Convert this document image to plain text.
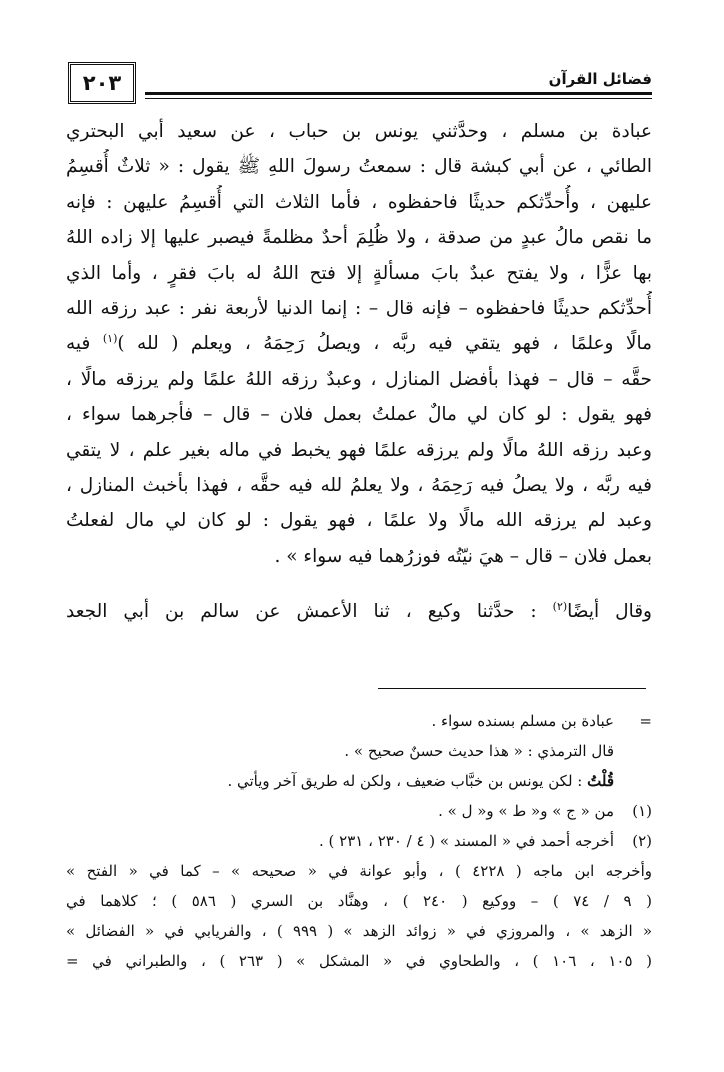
٢٠٣	فضائل القرآن
عبادة بن مسلم ، وحدَّثني يونس بن حباب ، عن سعيد أبي البحتري
الطائي ، عن أبي كبشة قال : سمعتُ رسولَ اللهِ ﷺ يقول : « ثلاثٌ أُقسِمُ
عليهن ، وأُحدِّثكم حديثًا فاحفظوه ، فأما الثلاث التي أُقسِمُ عليهن : فإنه
ما نقص مالُ عبدٍ من صدقة ، ولا ظُلِمَ أحدٌ مظلمةً فيصبر عليها إلا زاده اللهُ
بها عزًّا ، ولا يفتح عبدٌ بابَ مسألةٍ إلا فتح اللهُ له بابَ فقرٍ ، وأما الذي
أُحدِّثكم حديثًا فاحفظوه – فإنه قال – : إنما الدنيا لأربعة نفر : عبد رزقه الله
مالًا وعلمًا ، فهو يتقي فيه ربَّه ، ويصلُ رَحِمَهُ ، ويعلم ( لله )$^{(١)}$ فيه
حقَّه – قال – فهذا بأفضل المنازل ، وعبدٌ رزقه اللهُ علمًا ولم يرزقه مالًا ،
فهو يقول : لو كان لي مالٌ عملتُ بعمل فلان – قال – فأجرهما سواء ،
وعبد رزقه اللهُ مالًا ولم يرزقه علمًا فهو يخبط في ماله بغير علم ، لا يتقي
فيه ربَّه ، ولا يصلُ فيه رَحِمَهُ ، ولا يعلمُ لله فيه حقَّه ، فهذا بأخبث المنازل ،
وعبد لم يرزقه الله مالًا ولا علمًا ، فهو يقول : لو كان لي مال لفعلتُ
بعمل فلان – قال – هيَ نيّتُه فوزرُهما فيه سواء » .
وقال أيضًا$^{(٢)}$ : حدَّثنا وكيع ، ثنا الأعمش عن سالم بن أبي الجعد
=
عبادة بن مسلم بسنده سواء .
قال الترمذي : « هذا حديث حسنٌ صحيح » .
قُلْتُ : لكن يونس بن خبَّاب ضعيف ، ولكن له طريق آخر ويأتي .
(١)
من « ج » و« ط » و« ل » .
(٢)
أخرجه أحمد في « المسند » ( ٤ / ٢٣٠ ، ٢٣١ ) .
وأخرجه ابن ماجه ( ٤٢٢٨ ) ، وأبو عوانة في « صحيحه » – كما في « الفتح »
( ٩ / ٧٤ ) – ووكيع ( ٢٤٠ ) ، وهنَّاد بن السري ( ٥٨٦ ) ؛ كلاهما في
« الزهد » ، والمروزي في « زوائد الزهد » ( ٩٩٩ ) ، والفريابي في « الفضائل »
( ١٠٥ ، ١٠٦ ) ، والطحاوي في « المشكل » ( ٢٦٣ ) ، والطبراني في =
